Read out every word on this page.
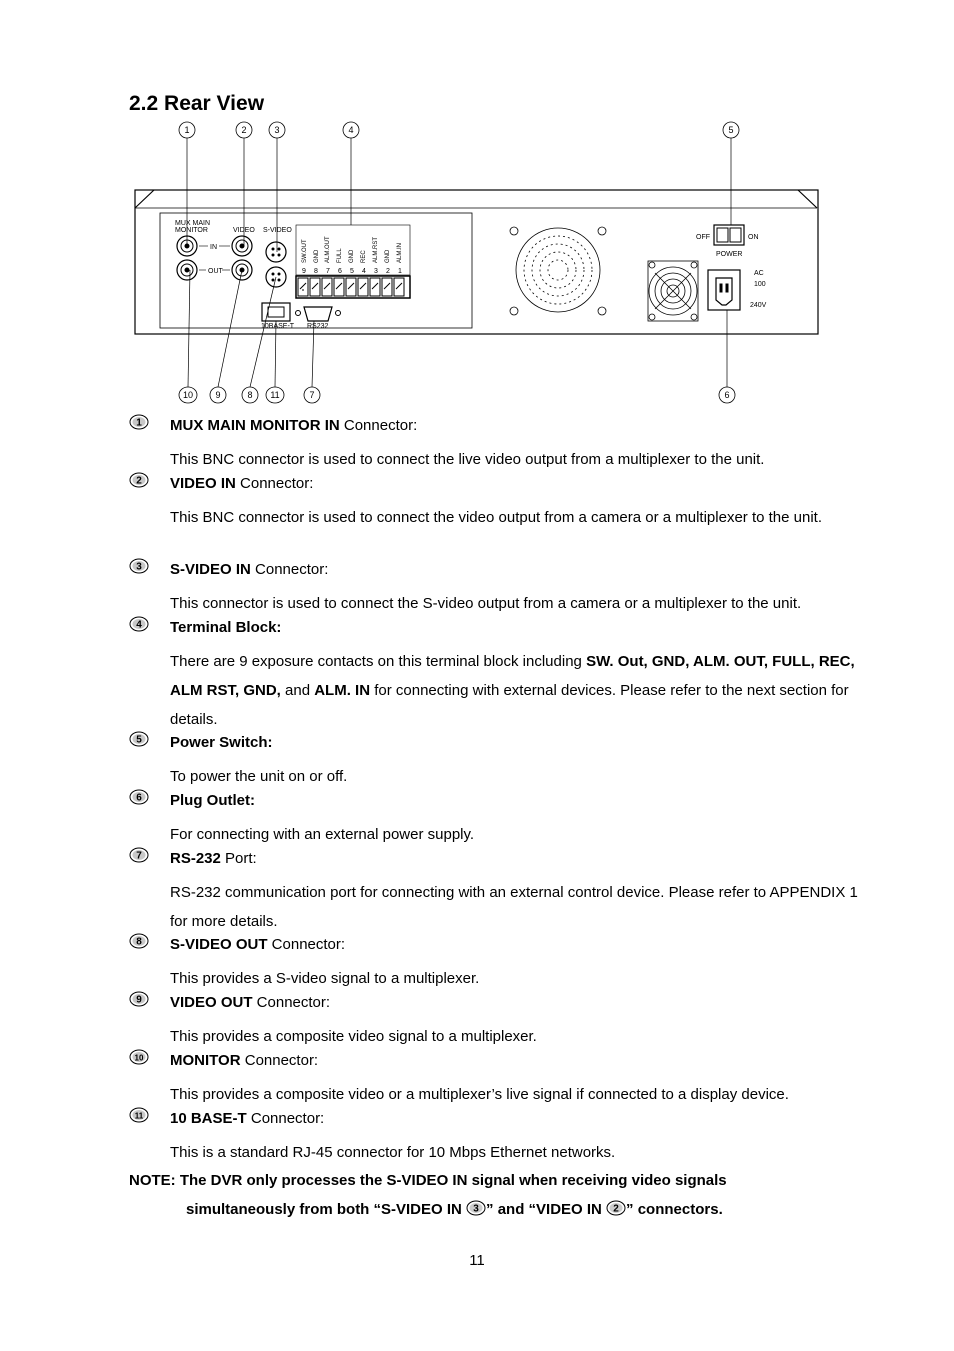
2.2 Rear View
MUX MAIN
MONITOR	VIDEO S-VIDEO
IN
OUT
SW.OUT GND ALM.OUT FULL GND REC ALM.RST GND ALM.IN
9 8 7 6 5 4 3 2 1
10BASE-T RS232
OFF	ON
POWER
AC
100
240V
1	2	3	4	5
10 9	8 11	7	6
1 MUX MAIN MONITOR IN Connector:
This BNC connector is used to connect the live video output from a multiplexer to the unit.
2 VIDEO IN Connector:
This BNC connector is used to connect the video output from a camera or a multiplexer to the unit.
3 S-VIDEO IN Connector:
This connector is used to connect the S-video output from a camera or a multiplexer to the unit.
4 Terminal Block:
There are 9 exposure contacts on this terminal block including SW. Out, GND, ALM. OUT, FULL, REC, ALM RST, GND, and ALM. IN for connecting with external devices. Please refer to the next section for details.
5 Power Switch:
To power the unit on or off.
6 Plug Outlet:
For connecting with an external power supply.
7 RS-232 Port:
RS-232 communication port for connecting with an external control device. Please refer to APPENDIX 1 for more details.
8 S-VIDEO OUT Connector:
This provides a S-video signal to a multiplexer.
9 VIDEO OUT Connector:
This provides a composite video signal to a multiplexer.
10 MONITOR Connector:
This provides a composite video or a multiplexer’s live signal if connected to a display device.
11 10 BASE-T Connector:
This is a standard RJ-45 connector for 10 Mbps Ethernet networks.
NOTE: The DVR only processes the S-VIDEO IN signal when receiving video signals
simultaneously from both “S-VIDEO IN 3 ” and “VIDEO IN 2 ” connectors.
11
